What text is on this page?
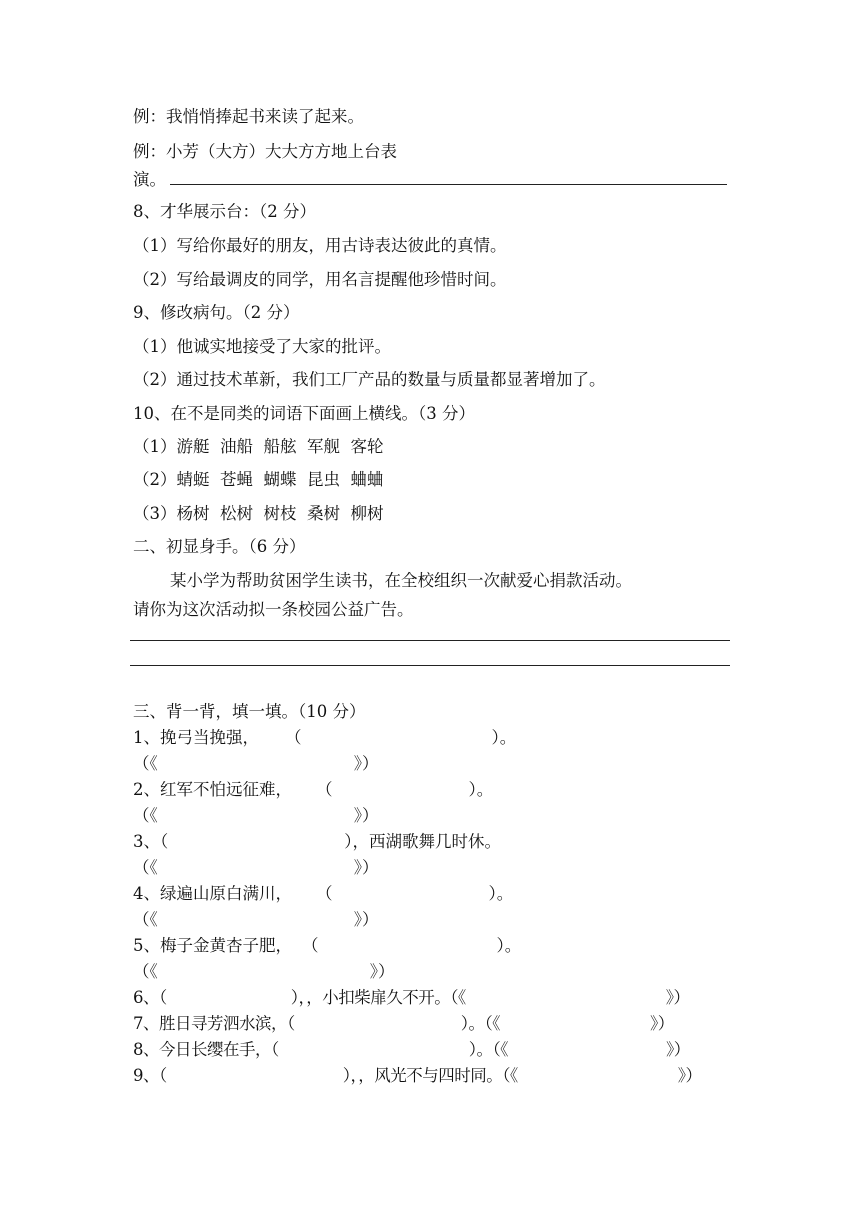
例：我悄悄捧起书来读了起来。
例：小芳（大方）大大方方地上台表
演。
8、才华展示台：（2 分）
（1）写给你最好的朋友，用古诗表达彼此的真情。
（2）写给最调皮的同学，用名言提醒他珍惜时间。
9、修改病句。（2 分）
（1）他诚实地接受了大家的批评。
（2）通过技术革新，我们工厂产品的数量与质量都显著增加了。
10、在不是同类的词语下面画上横线。（3 分）
（1）游艇  油船  船舷  军舰  客轮
（2）蜻蜓  苍蝇  蝴蝶  昆虫  蛐蛐
（3）杨树  松树  树枝  桑树  柳树
二、初显身手。（6 分）
某小学为帮助贫困学生读书，在全校组织一次献爱心捐款活动。
请你为这次活动拟一条校园公益广告。
三、背一背，填一填。（10 分）
1、挽弓当挽强， （	）。
（《	》）
2、红军不怕远征难， （	）。
（《	》）
3、（	），西湖歌舞几时休。
（《	》）
4、绿遍山原白满川， （	）。
（《	》）
5、梅子金黄杏子肥， （	）。
（《	》）
6、（	），，小扣柴扉久不开。（《	》）
7、胜日寻芳泗水滨，（	）。（《	》）
8、今日长缨在手，（	）。（《	》）
9、（	），，风光不与四时同。（《	》）
